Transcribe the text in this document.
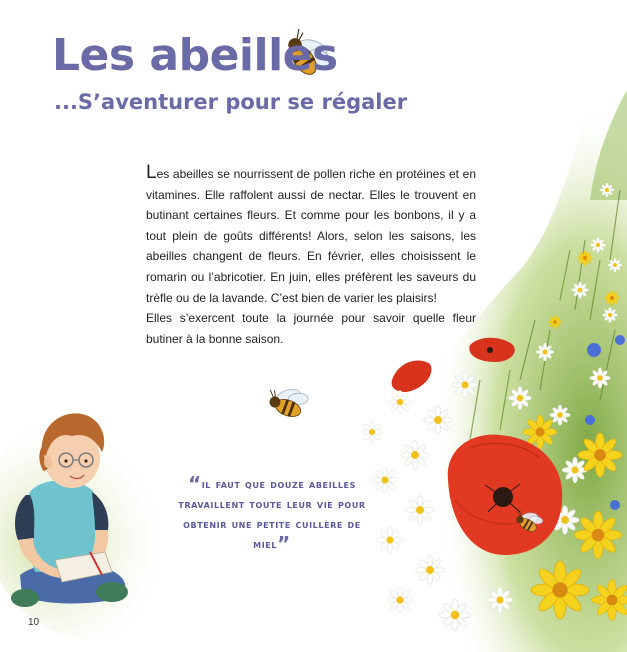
Les abeilles
...S’aventurer pour se régaler

Les abeilles se nourrissent de pollen riche en protéines et en vitamines. Elle raffolent aussi de nectar. Elles le trouvent en butinant certaines fleurs. Et comme pour les bonbons, il y a tout plein de goûts différents! Alors, selon les saisons, les abeilles changent de fleurs. En février, elles choisissent le romarin ou l’abricotier. En juin, elles préfèrent les saveurs du trèfle ou de la lavande. C’est bien de varier les plaisirs!

Elles s’exercent toute la journée pour savoir quelle fleur butiner à la bonne saison.

“il faut que douze abeilles travaillent toute leur vie pour obtenir une petite cuillère de miel”
10
